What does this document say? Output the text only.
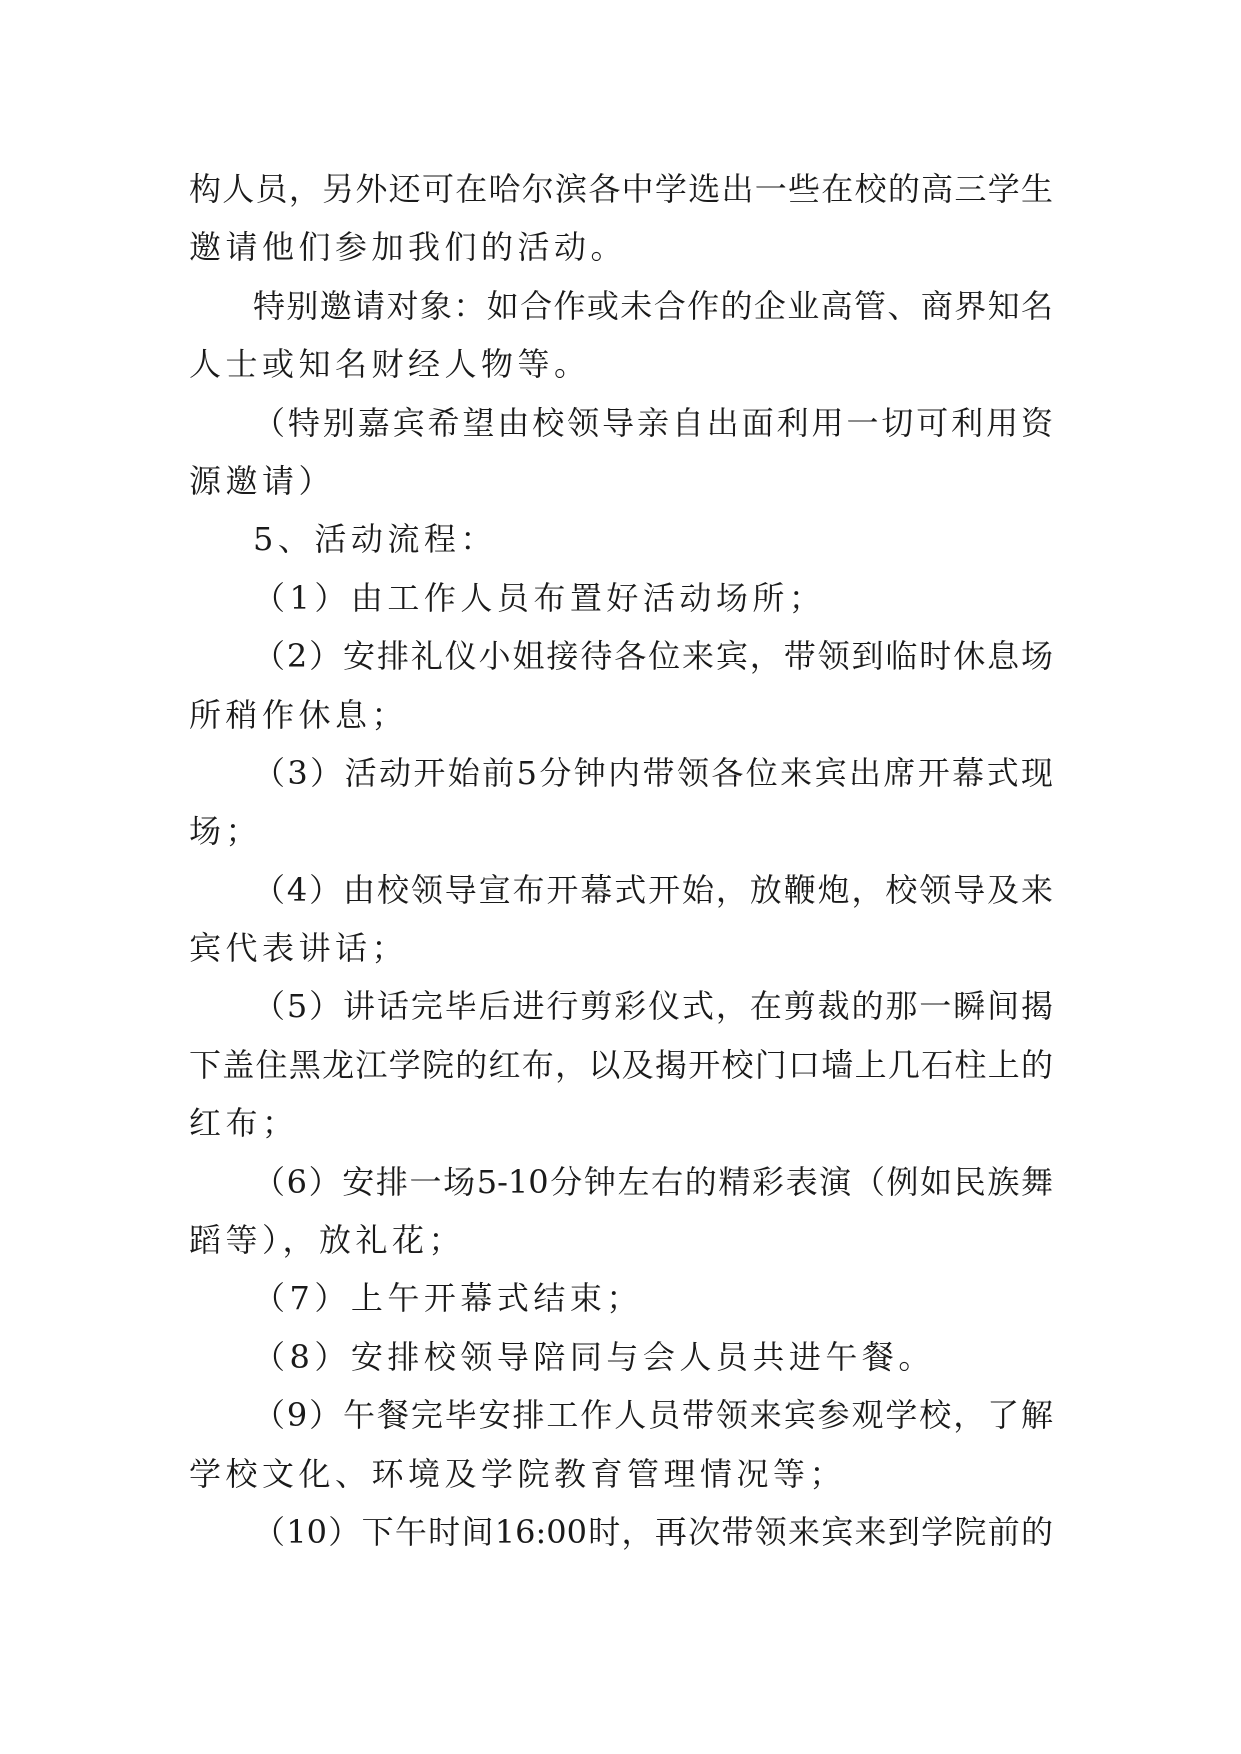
构人员，另外还可在哈尔滨各中学选出一些在校的高三学生
邀请他们参加我们的活动。
特别邀请对象：如合作或未合作的企业高管、商界知名
人士或知名财经人物等。
（特别嘉宾希望由校领导亲自出面利用一切可利用资
源邀请）
5、活动流程：
（1）由工作人员布置好活动场所；
（2）安排礼仪小姐接待各位来宾，带领到临时休息场
所稍作休息；
（3）活动开始前5分钟内带领各位来宾出席开幕式现
场；
（4）由校领导宣布开幕式开始，放鞭炮，校领导及来
宾代表讲话；
（5）讲话完毕后进行剪彩仪式，在剪裁的那一瞬间揭
下盖住黑龙江学院的红布，以及揭开校门口墙上几石柱上的
红布；
（6）安排一场5-10分钟左右的精彩表演（例如民族舞
蹈等），放礼花；
（7）上午开幕式结束；
（8）安排校领导陪同与会人员共进午餐。
（9）午餐完毕安排工作人员带领来宾参观学校，了解
学校文化、环境及学院教育管理情况等；
（10）下午时间16:00时，再次带领来宾来到学院前的
